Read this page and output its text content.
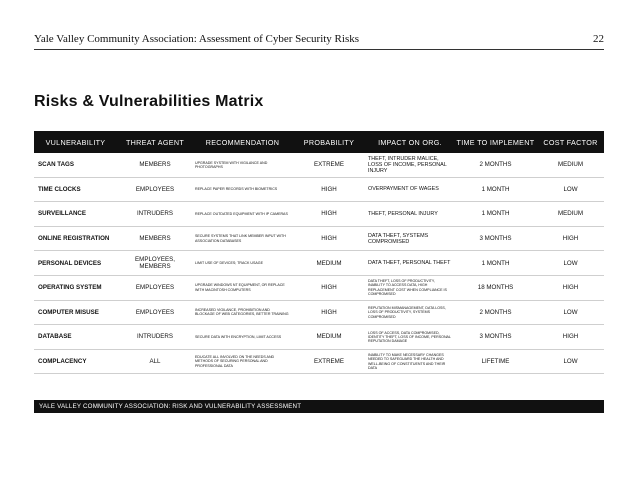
Yale Valley Community Association: Assessment of Cyber Security Risks	22
Risks & Vulnerabilities Matrix
VULNERABILITY	THREAT AGENT	RECOMMENDATION	PROBABILITY	IMPACT ON ORG.	TIME TO IMPLEMENT	COST FACTOR
SCAN TAGS	MEMBERS	UPGRADE SYSTEM WITH VIGILANCE AND PHOTOGRAPHS	EXTREME	THEFT, INTRUDER MALICE, LOSS OF INCOME, PERSONAL INJURY	2 MONTHS	MEDIUM
TIME CLOCKS	EMPLOYEES	REPLACE PAPER RECORDS WITH BIOMETRICS	HIGH	OVERPAYMENT OF WAGES	1 MONTH	LOW
SURVEILLANCE	INTRUDERS	REPLACE OUTDATED EQUIPMENT WITH IP CAMERAS	HIGH	THEFT, PERSONAL INJURY	1 MONTH	MEDIUM
ONLINE REGISTRATION	MEMBERS	SECURE SYSTEMS THAT LINK MEMBER INPUT WITH ASSOCIATION DATABASES	HIGH	DATA THEFT, SYSTEMS COMPROMISED	3 MONTHS	HIGH
PERSONAL DEVICES	EMPLOYEES, MEMBERS	LIMIT USE OF DEVICES; TRACK USAGE	MEDIUM	DATA THEFT, PERSONAL THEFT	1 MONTH	LOW
OPERATING SYSTEM	EMPLOYEES	UPGRADE WINDOWS NT EQUIPMENT, OR REPLACE WITH MACINTOSH COMPUTERS	HIGH	DATA THEFT, LOSS OF PRODUCTIVITY, INABILITY TO ACCESS DATA, HIGH REPLACEMENT COST WHEN COMPLIANCE IS COMPROMISED	18 MONTHS	HIGH
COMPUTER MISUSE	EMPLOYEES	INCREASED VIGILANCE, PROHIBITION AND BLOCKAGE OF WEB CATEGORIES, BETTER TRAINING	HIGH	REPUTATION MISMANAGEMENT, DATA LOSS, LOSS OF PRODUCTIVITY, SYSTEMS COMPROMISED	2 MONTHS	LOW
DATABASE	INTRUDERS	SECURE DATA WITH ENCRYPTION, LIMIT ACCESS	MEDIUM	LOSS OF ACCESS, DATA COMPROMISED, IDENTITY THEFT, LOSS OF INCOME, PERSONAL REPUTATION DAMAGE	3 MONTHS	HIGH
COMPLACENCY	ALL	EDUCATE ALL INVOLVED ON THE NEEDS AND METHODS OF SECURING PERSONAL AND PROFESSIONAL DATA	EXTREME	INABILITY TO MAKE NECESSARY CHANGES NEEDED TO SAFEGUARD THE HEALTH AND WELL-BEING OF CONSTITUENTS AND THEIR DATA	LIFETIME	LOW
YALE VALLEY COMMUNITY ASSOCIATION: RISK AND VULNERABILITY ASSESSMENT
